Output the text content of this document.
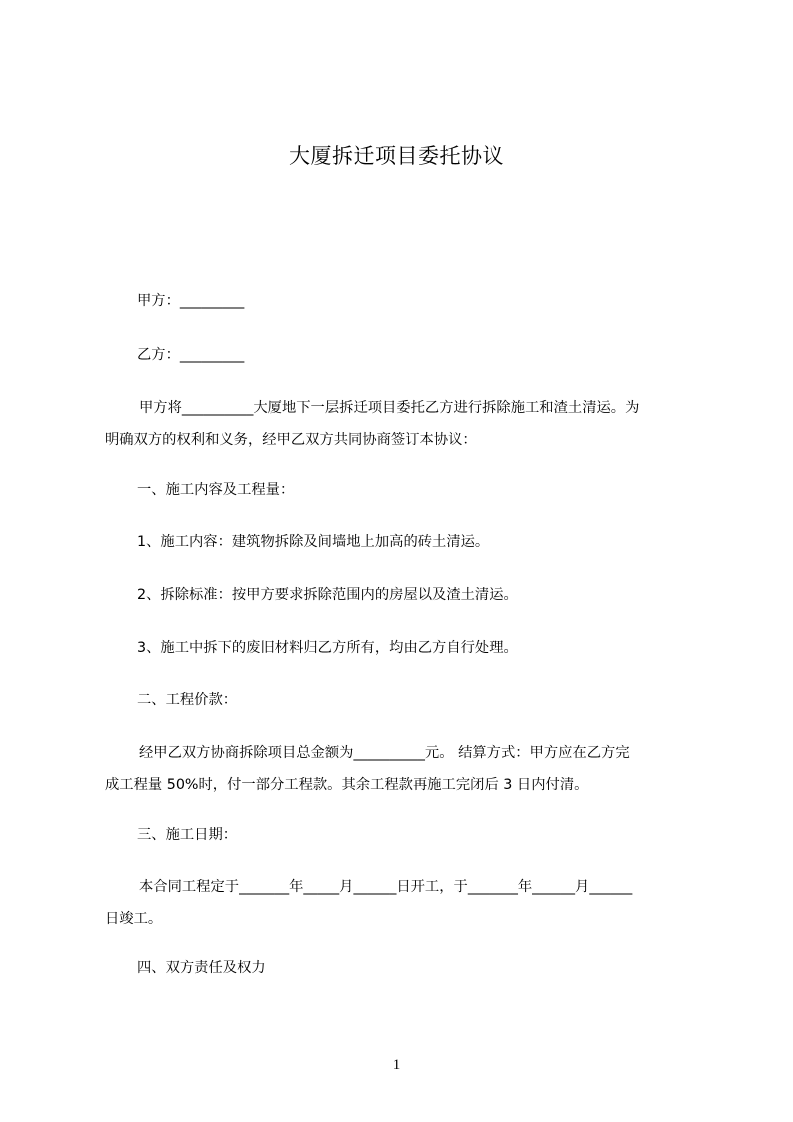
大厦拆迁项目委托协议
甲方：_________
乙方：_________
甲方将__________大厦地下一层拆迁项目委托乙方进行拆除施工和渣土清运。为
明确双方的权利和义务，经甲乙双方共同协商签订本协议：
一、施工内容及工程量：
1、施工内容：建筑物拆除及间墙地上加高的砖土清运。
2、拆除标准：按甲方要求拆除范围内的房屋以及渣土清运。
3、施工中拆下的废旧材料归乙方所有，均由乙方自行处理。
二、工程价款：
经甲乙双方协商拆除项目总金额为__________元。 结算方式：甲方应在乙方完
成工程量 50%时，付一部分工程款。其余工程款再施工完闭后 3 日内付清。
三、施工日期：
本合同工程定于_______年_____月______日开工，于_______年______月______
日竣工。
四、双方责任及权力
1
